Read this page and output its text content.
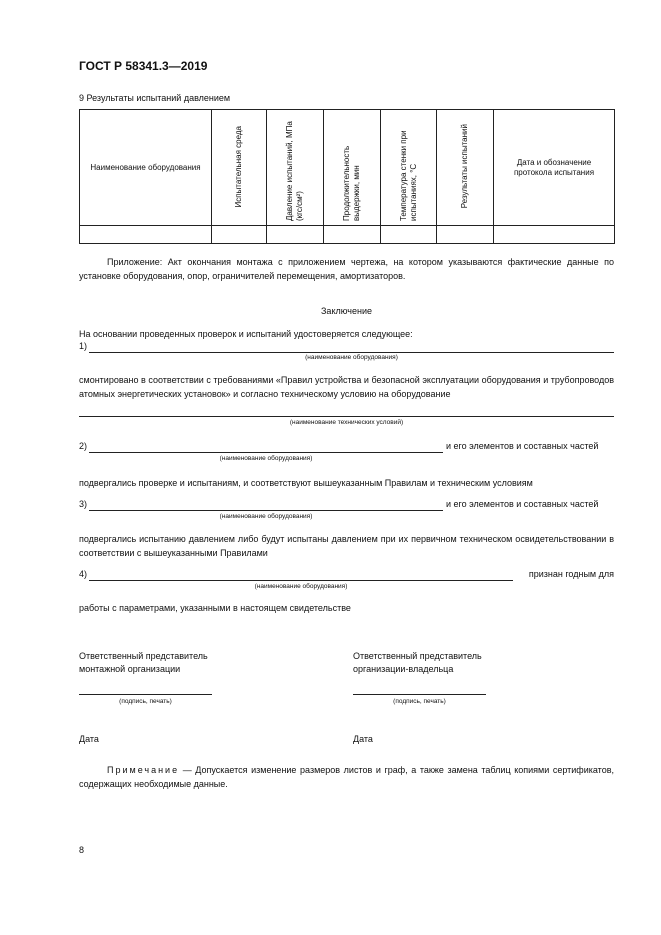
ГОСТ Р 58341.3—2019
9 Результаты испытаний давлением
Наименование оборудования	Испытательная среда	Давление испытаний, МПа (кгс/см²)	Продолжительность выдержки, мин	Температура стенки при испытаниях, °С	Результаты испытаний	Дата и обозначение протокола испытания

Приложение: Акт окончания монтажа с приложением чертежа, на котором указываются фактические данные по установке оборудования, опор, ограничителей перемещения, амортизаторов.
Заключение
На основании проведенных проверок и испытаний удостоверяется следующее:
1)
(наименование оборудования)
смонтировано в соответствии с требованиями «Правил устройства и безопасной эксплуатации оборудования и трубопроводов атомных энергетических установок» и согласно техническому условию на оборудование
(наименование технических условий)
2)	и его элементов и составных частей
(наименование оборудования)
подвергались проверке и испытаниям, и соответствуют вышеуказанным Правилам и техническим условиям
3)	и его элементов и составных частей
(наименование оборудования)
подвергались испытанию давлением либо будут испытаны давлением при их первичном техническом освидетельствовании в соответствии с вышеуказанными Правилами
4)	признан годным для
(наименование оборудования)
работы с параметрами, указанными в настоящем свидетельстве
Ответственный представитель
монтажной организации
Ответственный представитель
организации-владельца
(подпись, печать)	(подпись, печать)
Дата	Дата
Примечание — Допускается изменение размеров листов и граф, а также замена таблиц копиями сертификатов, содержащих необходимые данные.
8
